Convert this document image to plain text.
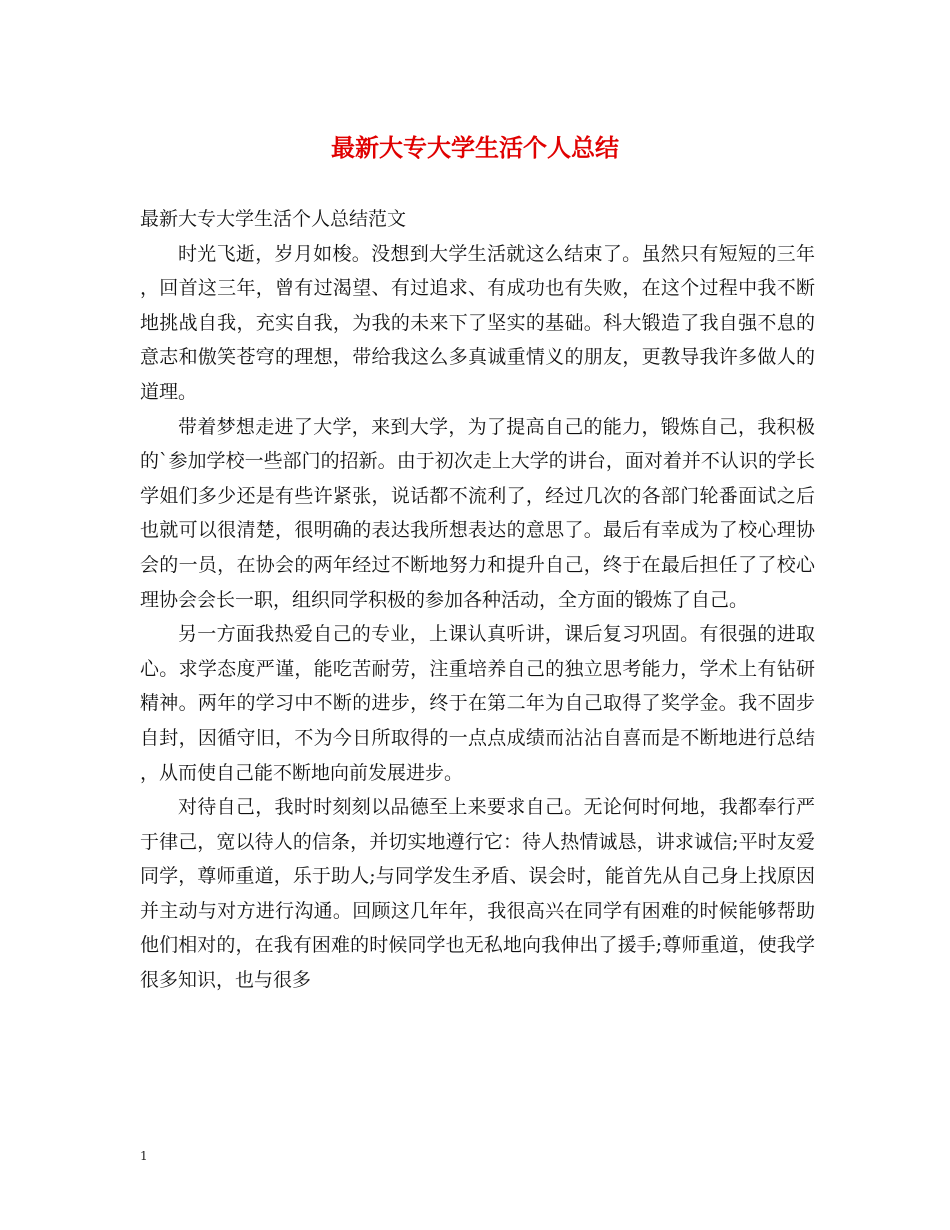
最新大专大学生活个人总结

最新大专大学生活个人总结范文

时光飞逝，岁月如梭。没想到大学生活就这么结束了。虽然只有短短的三年，回首这三年，曾有过渴望、有过追求、有成功也有失败，在这个过程中我不断地挑战自我，充实自我，为我的未来下了坚实的基础。科大锻造了我自强不息的意志和傲笑苍穹的理想，带给我这么多真诚重情义的朋友，更教导我许多做人的道理。

带着梦想走进了大学，来到大学，为了提高自己的能力，锻炼自己，我积极的`参加学校一些部门的招新。由于初次走上大学的讲台，面对着并不认识的学长学姐们多少还是有些许紧张，说话都不流利了，经过几次的各部门轮番面试之后也就可以很清楚，很明确的表达我所想表达的意思了。最后有幸成为了校心理协会的一员，在协会的两年经过不断地努力和提升自己，终于在最后担任了了校心理协会会长一职，组织同学积极的参加各种活动，全方面的锻炼了自己。

另一方面我热爱自己的专业，上课认真听讲，课后复习巩固。有很强的进取心。求学态度严谨，能吃苦耐劳，注重培养自己的独立思考能力，学术上有钻研精神。两年的学习中不断的进步，终于在第二年为自己取得了奖学金。我不固步自封，因循守旧，不为今日所取得的一点点成绩而沾沾自喜而是不断地进行总结，从而使自己能不断地向前发展进步。

对待自己，我时时刻刻以品德至上来要求自己。无论何时何地，我都奉行严于律己，宽以待人的信条，并切实地遵行它：待人热情诚恳，讲求诚信;平时友爱同学，尊师重道，乐于助人;与同学发生矛盾、误会时，能首先从自己身上找原因并主动与对方进行沟通。回顾这几年年，我很高兴在同学有困难的时候能够帮助他们相对的，在我有困难的时候同学也无私地向我伸出了援手;尊师重道，使我学很多知识，也与很多

1
